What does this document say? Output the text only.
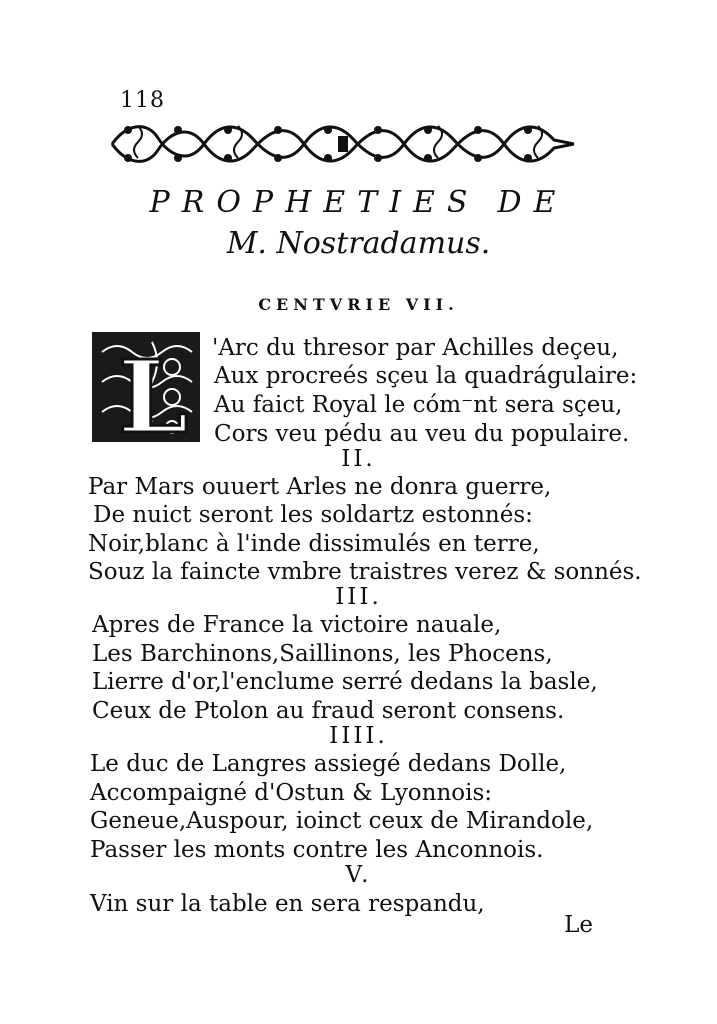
118
PROPHETIES DE
M. Nostradamus.
CENTVRIE VII.
L 'Arc du thresor par Achilles deçeu,
Aux procreés sçeu la quadrágulaire:
Au faict Royal le cóm⁻nt sera sçeu,
Cors veu pédu au veu du populaire.
II.
Par Mars ouuert Arles ne donra guerre,
De nuict seront les soldartz estonnés:
Noir,blanc à l'inde dissimulés en terre,
Souz la faincte vmbre traistres verez & sonnés.
III.
Apres de France la victoire nauale,
Les Barchinons,Saillinons, les Phocens,
Lierre d'or,l'enclume serré dedans la basle,
Ceux de Ptolon au fraud seront consens.
IIII.
Le duc de Langres assiegé dedans Dolle,
Accompaigné d'Ostun & Lyonnois:
Geneue,Auspour, ioinct ceux de Mirandole,
Passer les monts contre les Anconnois.
V.
Vin sur la table en sera respandu,
Le
